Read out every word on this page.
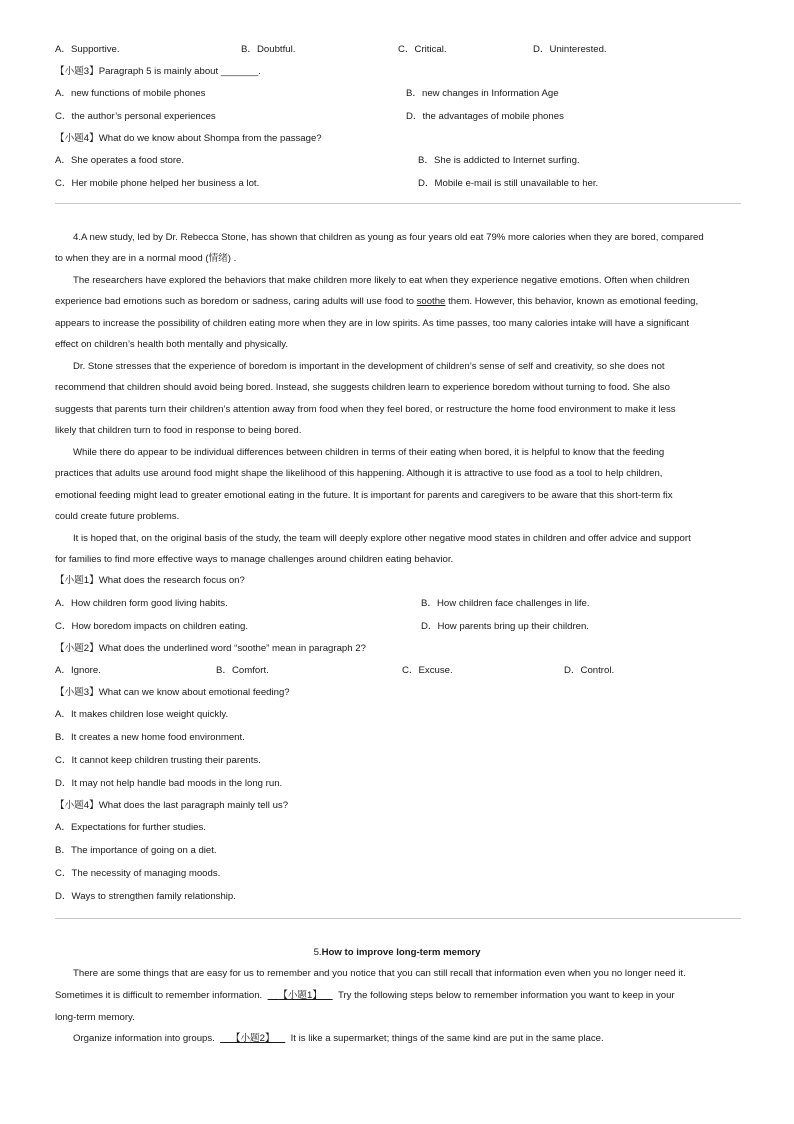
A．Supportive.	B．Doubtful.	C．Critical.	D．Uninterested.
【小题3】Paragraph 5 is mainly about _______.
A．new functions of mobile phones	B．new changes in Information Age
C．the author’s personal experiences	D．the advantages of mobile phones
【小题4】What do we know about Shompa from the passage?
A．She operates a food store.	B．She is addicted to Internet surfing.
C．Her mobile phone helped her business a lot.	D．Mobile e-mail is still unavailable to her.
4.A new study, led by Dr. Rebecca Stone, has shown that children as young as four years old eat 79% more calories when they are bored, compared
to when they are in a normal mood (情绪) .
The researchers have explored the behaviors that make children more likely to eat when they experience negative emotions. Often when children
experience bad emotions such as boredom or sadness, caring adults will use food to soothe them. However, this behavior, known as emotional feeding,
appears to increase the possibility of children eating more when they are in low spirits. As time passes, too many calories intake will have a significant
effect on children’s health both mentally and physically.
Dr. Stone stresses that the experience of boredom is important in the development of children’s sense of self and creativity, so she does not
recommend that children should avoid being bored. Instead, she suggests children learn to experience boredom without turning to food. She also
suggests that parents turn their children’s attention away from food when they feel bored, or restructure the home food environment to make it less
likely that children turn to food in response to being bored.
While there do appear to be individual differences between children in terms of their eating when bored, it is helpful to know that the feeding
practices that adults use around food might shape the likelihood of this happening. Although it is attractive to use food as a tool to help children,
emotional feeding might lead to greater emotional eating in the future. It is important for parents and caregivers to be aware that this short-term fix
could create future problems.
It is hoped that, on the original basis of the study, the team will deeply explore other negative mood states in children and offer advice and support
for families to find more effective ways to manage challenges around children eating behavior.
【小题1】What does the research focus on?
A．How children form good living habits.	B．How children face challenges in life.
C．How boredom impacts on children eating.	D．How parents bring up their children.
【小题2】What does the underlined word “soothe” mean in paragraph 2?
A．Ignore.	B．Comfort.	C．Excuse.	D．Control.
【小题3】What can we know about emotional feeding?
A．It makes children lose weight quickly.
B．It creates a new home food environment.
C．It cannot keep children trusting their parents.
D．It may not help handle bad moods in the long run.
【小题4】What does the last paragraph mainly tell us?
A．Expectations for further studies.
B．The importance of going on a diet.
C．The necessity of managing moods.
D．Ways to strengthen family relationship.
5.How to improve long-term memory
There are some things that are easy for us to remember and you notice that you can still recall that information even when you no longer need it.
Sometimes it is difficult to remember information. 【小题1】 Try the following steps below to remember information you want to keep in your
long-term memory.
Organize information into groups. 【小题2】 It is like a supermarket; things of the same kind are put in the same place.
